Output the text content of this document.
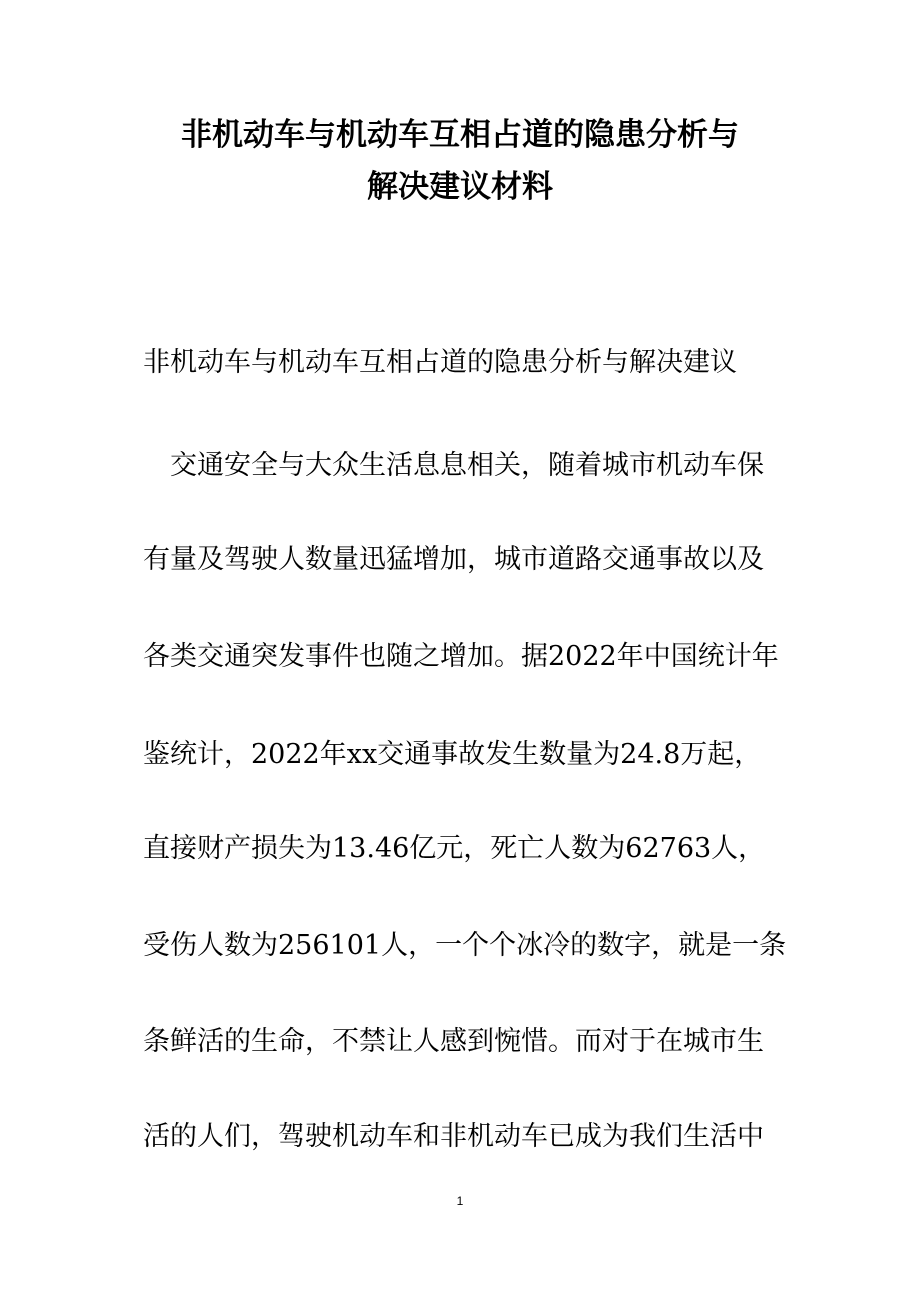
非机动车与机动车互相占道的隐患分析与
解决建议材料

非机动车与机动车互相占道的隐患分析与解决建议

交通安全与大众生活息息相关，随着城市机动车保

有量及驾驶人数量迅猛增加，城市道路交通事故以及

各类交通突发事件也随之增加。据2022年中国统计年

鉴统计，2022年xx交通事故发生数量为24.8万起，

直接财产损失为13.46亿元，死亡人数为62763人，

受伤人数为256101人，一个个冰冷的数字，就是一条

条鲜活的生命，不禁让人感到惋惜。而对于在城市生

活的人们，驾驶机动车和非机动车已成为我们生活中

1
